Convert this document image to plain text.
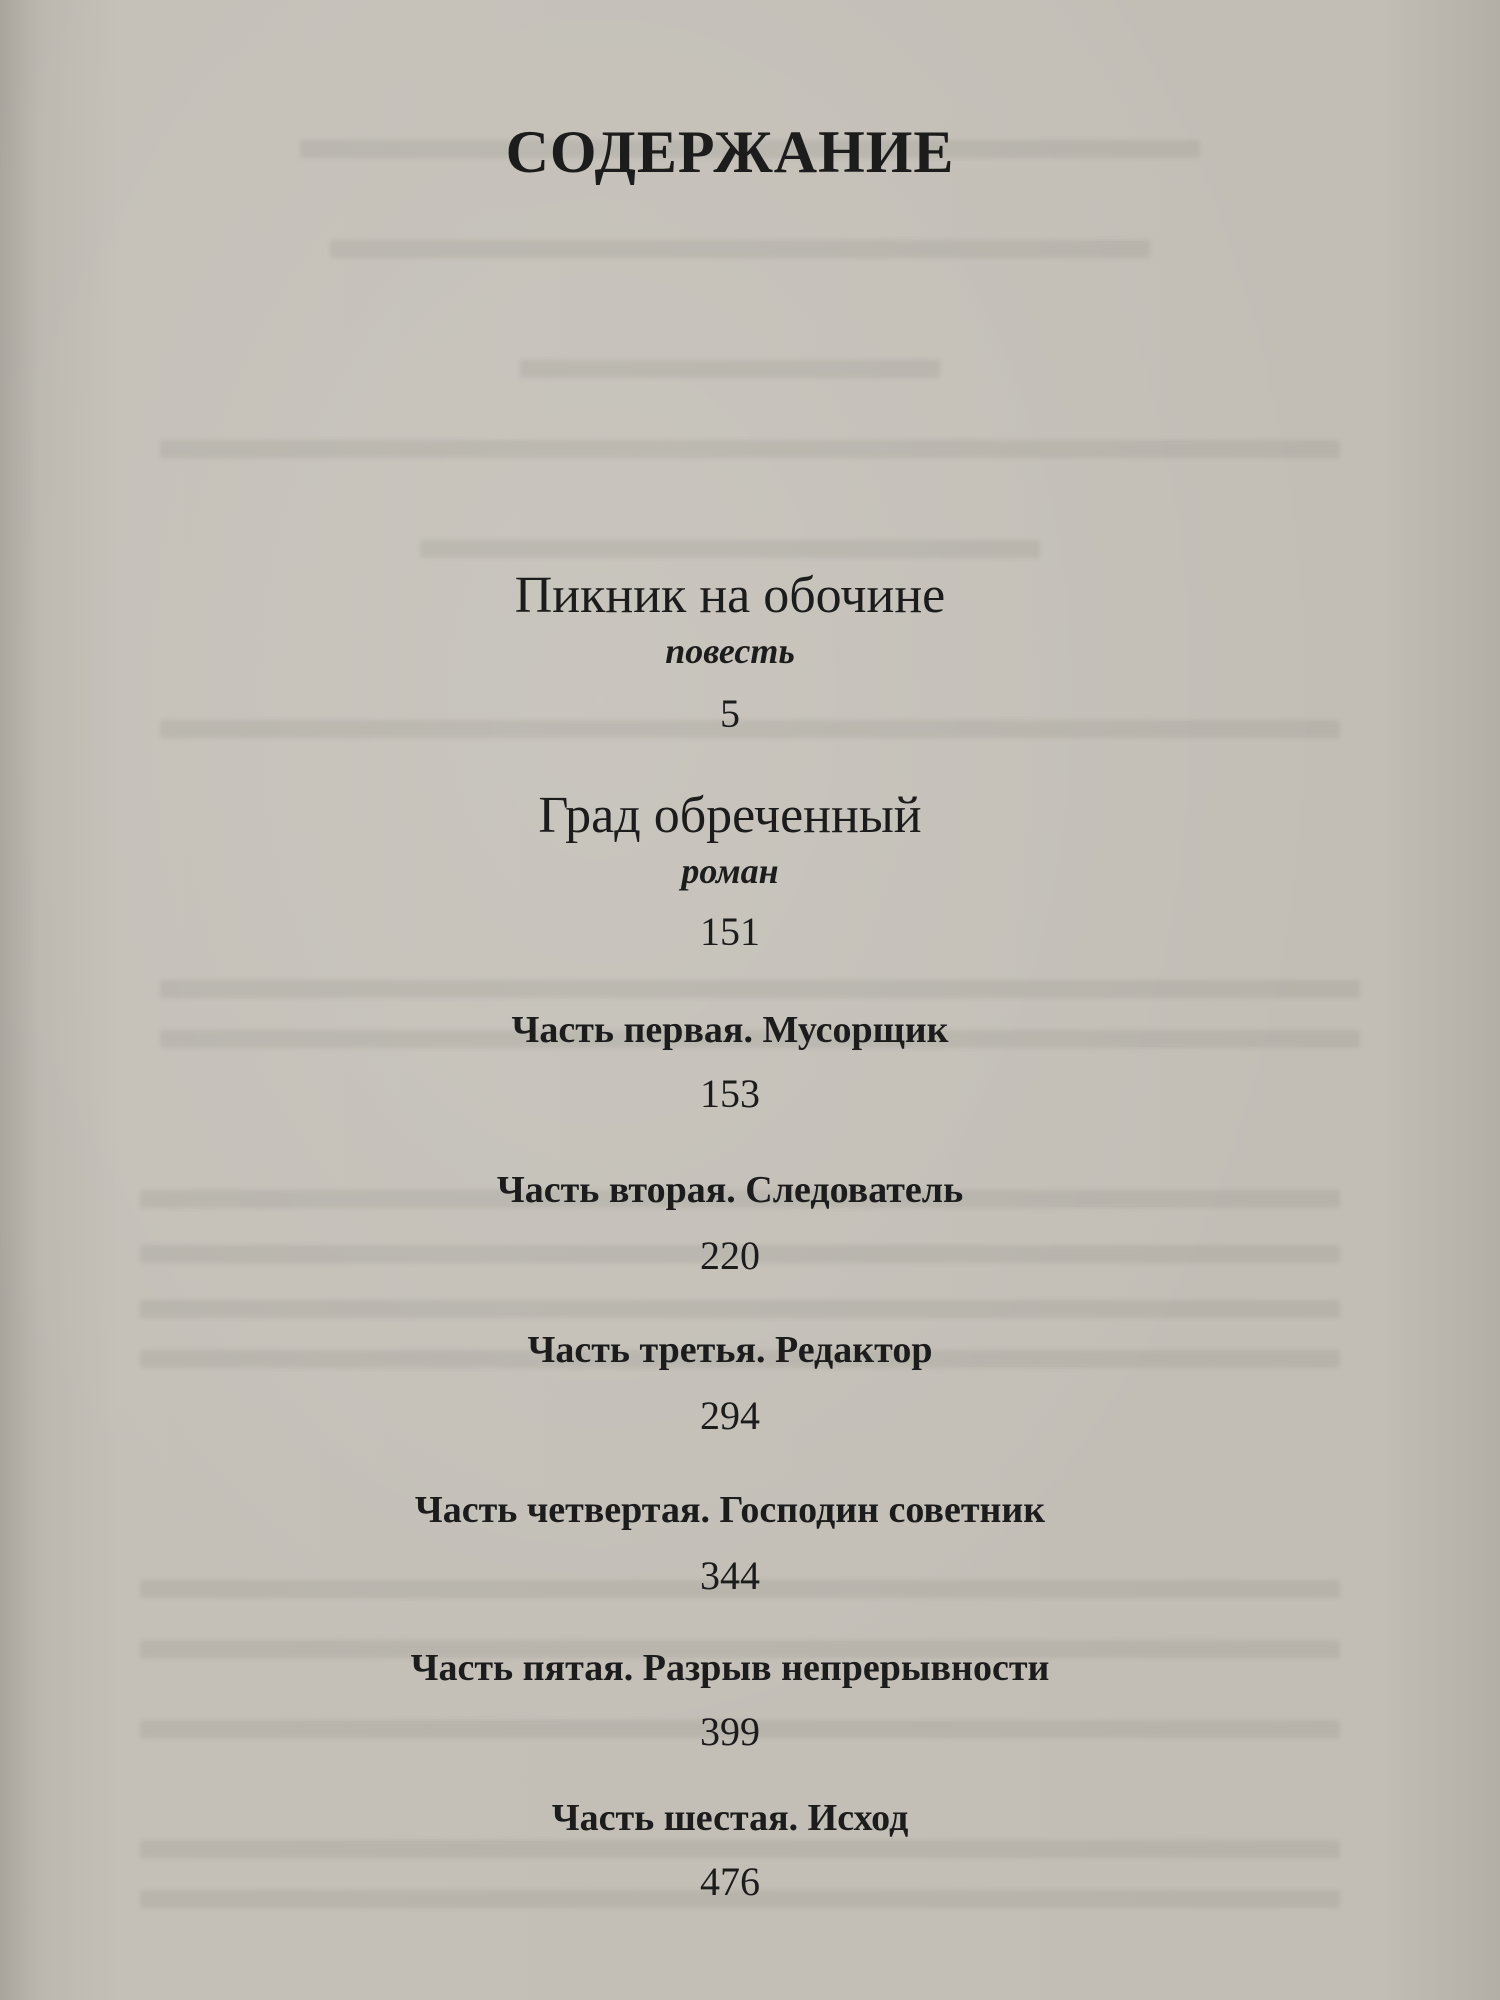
СОДЕРЖАНИЕ
Пикник на обочине
повесть
5
Град обреченный
роман
151
Часть первая. Мусорщик
153
Часть вторая. Следователь
220
Часть третья. Редактор
294
Часть четвертая. Господин советник
344
Часть пятая. Разрыв непрерывности
399
Часть шестая. Исход
476
